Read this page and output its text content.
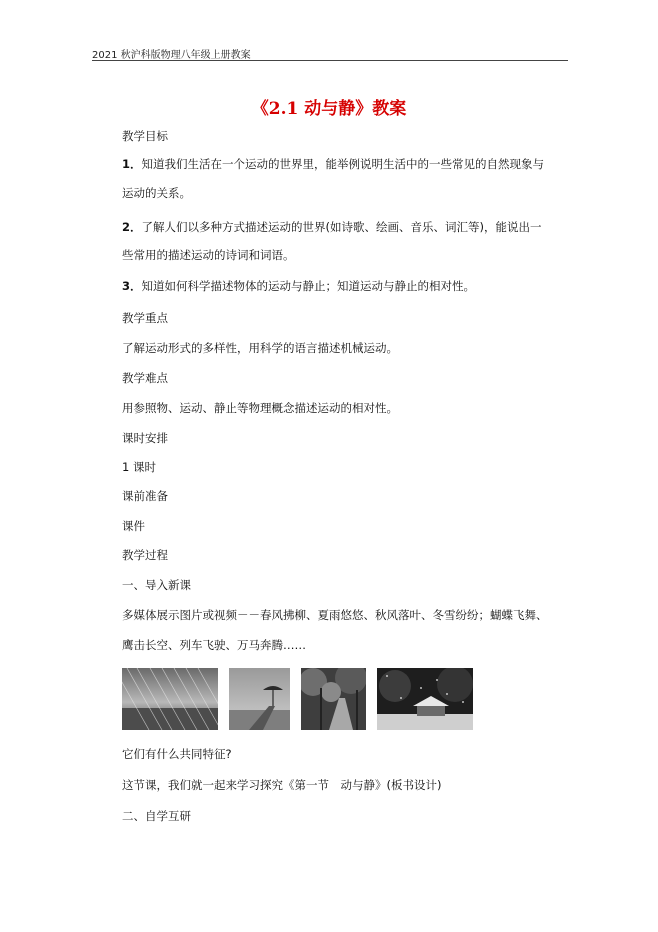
2021 秋沪科版物理八年级上册教案
《2.1 动与静》教案
教学目标
1．知道我们生活在一个运动的世界里，能举例说明生活中的一些常见的自然现象与
运动的关系。
2．了解人们以多种方式描述运动的世界(如诗歌、绘画、音乐、词汇等)，能说出一
些常用的描述运动的诗词和词语。
3．知道如何科学描述物体的运动与静止；知道运动与静止的相对性。
教学重点
了解运动形式的多样性，用科学的语言描述机械运动。
教学难点
用参照物、运动、静止等物理概念描述运动的相对性。
课时安排
1 课时
课前准备
课件
教学过程
一、导入新课
多媒体展示图片或视频－－春风拂柳、夏雨悠悠、秋风落叶、冬雪纷纷；蝴蝶飞舞、
鹰击长空、列车飞驶、万马奔腾……
它们有什么共同特征?
这节课，我们就一起来学习探究《第一节　动与静》(板书设计)
二、自学互研
